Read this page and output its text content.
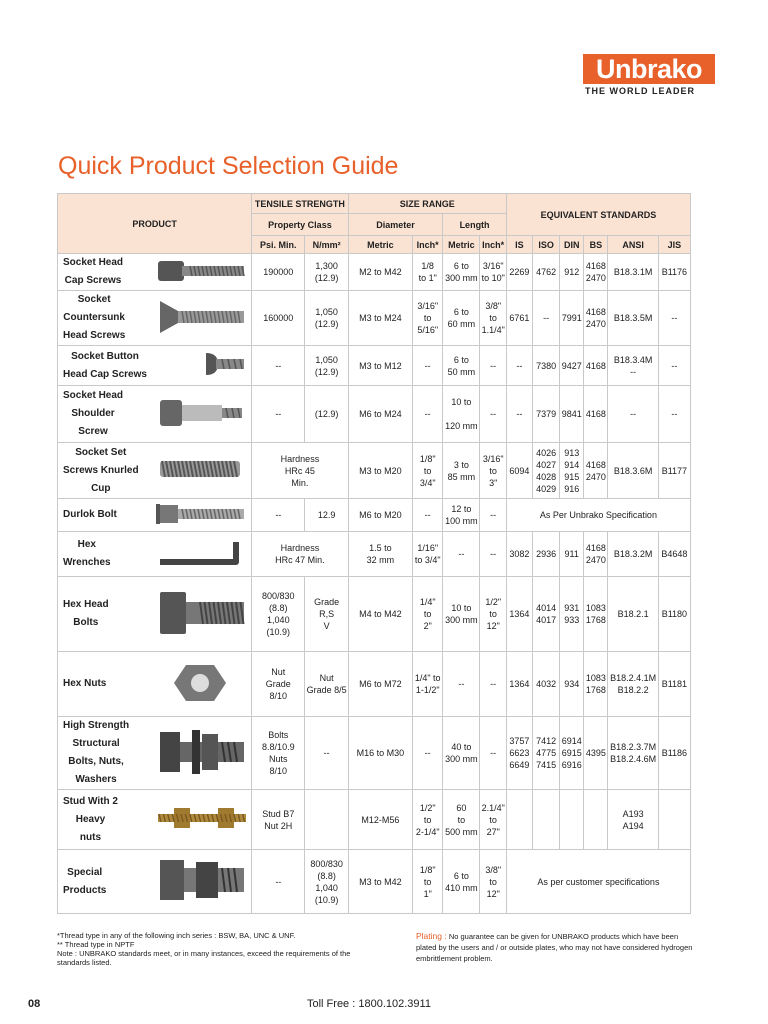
Unbrako
THE WORLD LEADER
Quick Product Selection Guide
PRODUCT	TENSILE STRENGTH		SIZE RANGE				EQUIVALENT STANDARDS					
	Property Class		Diameter		Length							
	Psi. Min.	N/mm²	Metric	Inch*	Metric	Inch*	IS	ISO	DIN	BS	ANSI	JIS

Socket Head
Cap Screws	190000	1,300
(12.9)	M2 to M42	1/8
to 1"	6 to
300 mm	3/16"
to 10"	2269	4762	912	4168
2470	B18.3.1M	B1176

Socket
Countersunk
Head Screws	160000	1,050
(12.9)	M3 to M24	3/16"
to
5/16"	6 to
60 mm	3/8"
to
1.1/4"	6761	--	7991	4168
2470	B18.3.5M	--

Socket Button
Head Cap Screws	--	1,050
(12.9)	M3 to M12	--	6 to
50 mm	--	--	7380	9427	4168	B18.3.4M
--	--

Socket Head
Shoulder
Screw	--	(12.9)	M6 to M24	--	10 to

120 mm	--	--	7379	9841	4168	--	--

Socket Set
Screws Knurled
Cup	Hardness
HRc 45
Min.		M3 to M20	1/8"
to
3/4"	3 to
85 mm	3/16"
to
3"	6094	4026
4027
4028
4029	913
914
915
916	4168
2470	B18.3.6M	B1177

Durlok Bolt	--	12.9	M6 to M20	--	12 to
100 mm	--	As Per Unbrako Specification					

Hex
Wrenches	Hardness
HRc 47 Min.		1.5 to
32 mm	1/16"
to 3/4"	--	--	3082	2936	911	4168
2470	B18.3.2M	B4648

Hex Head
Bolts	800/830
(8.8)
1,040
(10.9)	Grade
R,S
V	M4 to M42	1/4"
to
2"	10 to
300 mm	1/2"
to
12"	1364	4014
4017	931
933	1083
1768	B18.2.1	B1180

Hex Nuts	Nut
Grade
8/10	Nut
Grade 8/5	M6 to M72	1/4" to
1-1/2"	--	--	1364	4032	934	1083
1768	B18.2.4.1M
B18.2.2	B1181

High Strength
Structural
Bolts, Nuts,
Washers	Bolts
8.8/10.9
Nuts
8/10	--	M16 to M30	--	40 to
300 mm	--	3757
6623
6649	7412
4775
7415	6914
6915
6916	4395	B18.2.3.7M
B18.2.4.6M	B1186

Stud With 2
Heavy
nuts	Stud B7
Nut 2H		M12-M56	1/2"
to
2-1/4"	60
to
500 mm	2.1/4"
to
27"					A193
A194	

Special
Products	--	800/830
(8.8)
1,040
(10.9)	M3 to M42	1/8"
to
1"	6 to
410 mm	3/8"
to
12"	As per customer specifications					
*Thread type in any of the following inch series : BSW, BA, UNC & UNF.
** Thread type in NPTF
Note : UNBRAKO standards meet, or in many instances, exceed the requirements of the standards listed.
Plating : No guarantee can be given for UNBRAKO products which have been plated by the users and / or outside plates, who may not have considered hydrogen embrittlement problem.
08	Toll Free : 1800.102.3911
